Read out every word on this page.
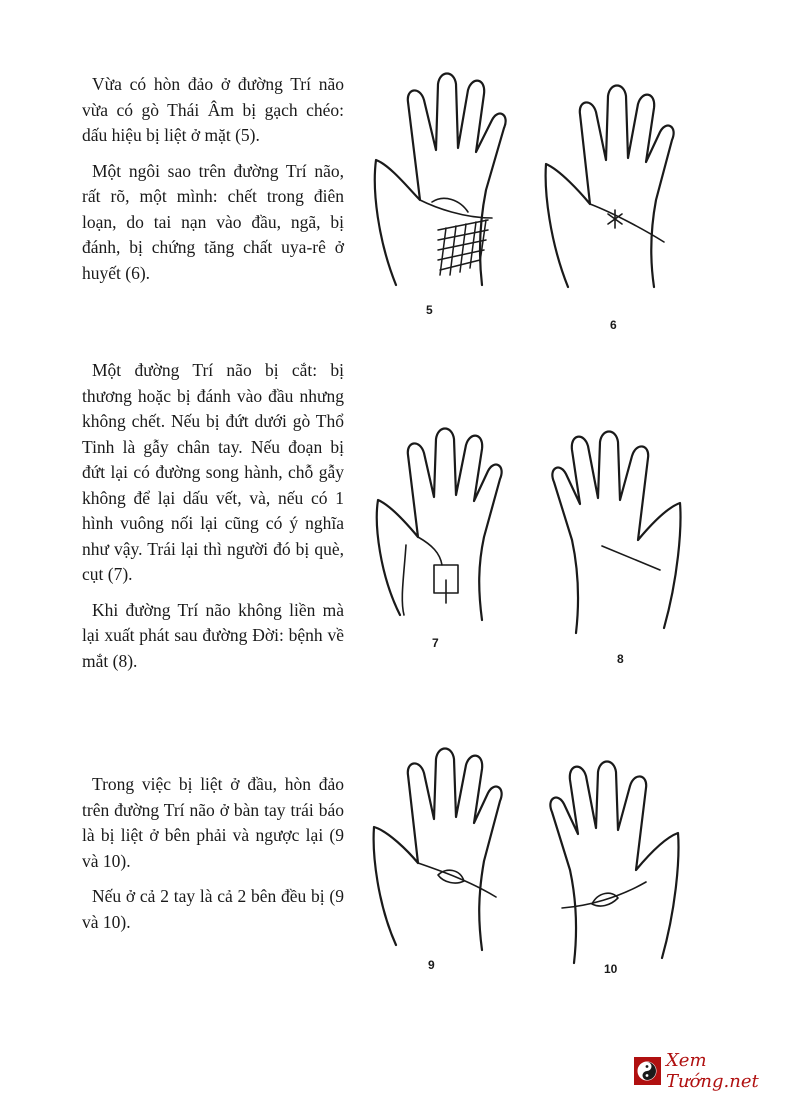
Vừa có hòn đảo ở đường Trí não vừa có gò Thái Âm bị gạch chéo: dấu hiệu bị liệt ở mặt (5).

Một ngôi sao trên đường Trí não, rất rõ, một mình: chết trong điên loạn, do tai nạn vào đầu, ngã, bị đánh, bị chứng tăng chất uya-rê ở huyết (6).

Một đường Trí não bị cắt: bị thương hoặc bị đánh vào đầu nhưng không chết. Nếu bị đứt dưới gò Thổ Tinh là gẫy chân tay. Nếu đoạn bị đứt lại có đường song hành, chỗ gẫy không để lại dấu vết, và, nếu có 1 hình vuông nối lại cũng có ý nghĩa như vậy. Trái lại thì người đó bị què, cụt (7).

Khi đường Trí não không liền mà lại xuất phát sau đường Đời: bệnh về mắt (8).

Trong việc bị liệt ở đầu, hòn đảo trên đường Trí não ở bàn tay trái báo là bị liệt ở bên phải và ngược lại (9 và 10).

Nếu ở cả 2 tay là cả 2 bên đều bị (9 và 10).

5
6
7
8
9	10
Xem Tướng.net
